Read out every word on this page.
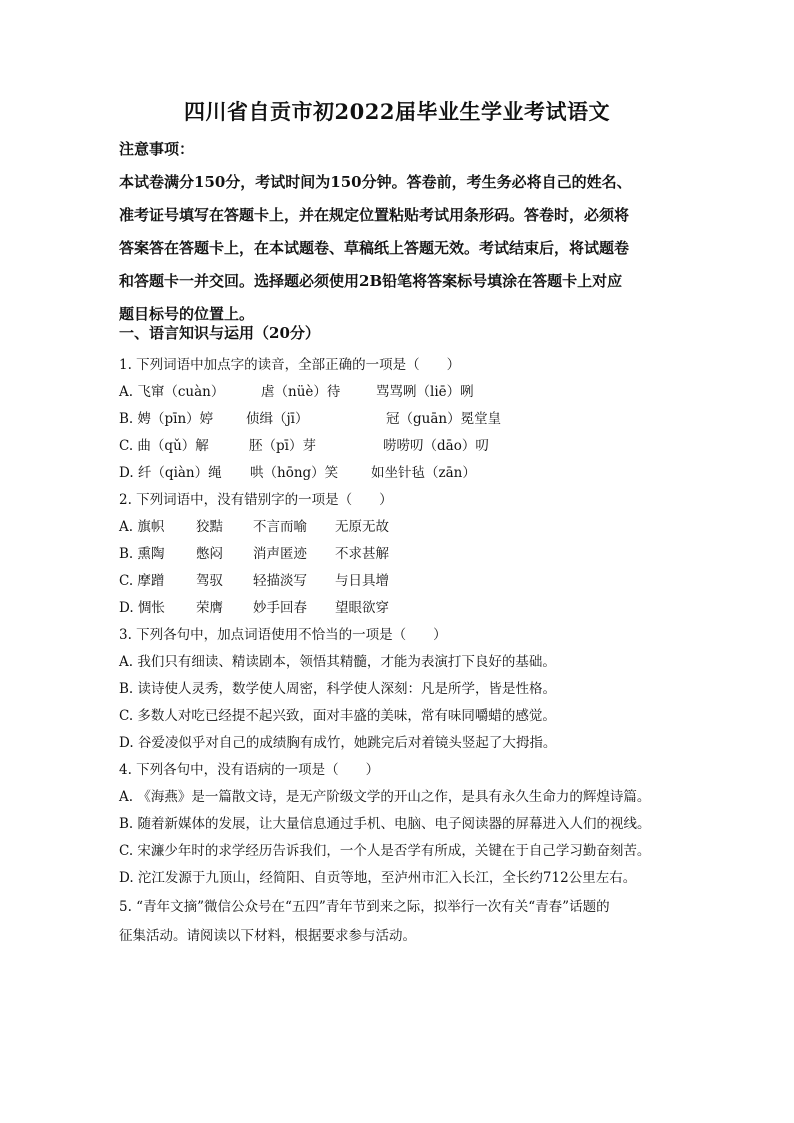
四川省自贡市初2022届毕业生学业考试语文
注意事项：

本试卷满分150分，考试时间为150分钟。答卷前，考生务必将自己的姓名、

准考证号填写在答题卡上，并在规定位置粘贴考试用条形码。答卷时，必须将

答案答在答题卡上，在本试题卷、草稿纸上答题无效。考试结束后，将试题卷

和答题卡一并交回。选择题必须使用2B铅笔将答案标号填涂在答题卡上对应

题目标号的位置上。

一、语言知识与运用（20分）
1. 下列词语中加点字的读音，全部正确的一项是（　　）
A. 飞窜（cuàn）	虐（nüè）待	骂骂咧（liē）咧
B. 娉（pīn）婷 侦缉（jī）	冠（guān）冕堂皇
C. 曲（qǔ）解	胚（pī）芽	唠唠叨（dāo）叨
D. 纤（qiàn）绳 哄（hōng）笑 如坐针毡（zān）
2. 下列词语中，没有错别字的一项是（　　）
A. 旗帜 狡黠 不言而喻 无原无故
B. 熏陶 憋闷 消声匿迹 不求甚解
C. 摩蹭 驾驭 轻描淡写 与日具增
D. 惆怅 荣膺 妙手回春 望眼欲穿
3. 下列各句中，加点词语使用不恰当的一项是（　　）
A. 我们只有细读、精读剧本，领悟其精髓，才能为表演打下良好的基础。
B. 读诗使人灵秀，数学使人周密，科学使人深刻：凡是所学，皆是性格。
C. 多数人对吃已经提不起兴致，面对丰盛的美味，常有味同嚼蜡的感觉。
D. 谷爱凌似乎对自己的成绩胸有成竹，她跳完后对着镜头竖起了大拇指。
4. 下列各句中，没有语病的一项是（　　）
A. 《海燕》是一篇散文诗，是无产阶级文学的开山之作，是具有永久生命力的辉煌诗篇。
B. 随着新媒体的发展，让大量信息通过手机、电脑、电子阅读器的屏幕进入人们的视线。
C. 宋濂少年时的求学经历告诉我们，一个人是否学有所成，关键在于自己学习勤奋刻苦。
D. 沱江发源于九顶山，经简阳、自贡等地，至泸州市汇入长江，全长约712公里左右。
5. “青年文摘”微信公众号在“五四”青年节到来之际，拟举行一次有关“青春”话题的
征集活动。请阅读以下材料，根据要求参与活动。
